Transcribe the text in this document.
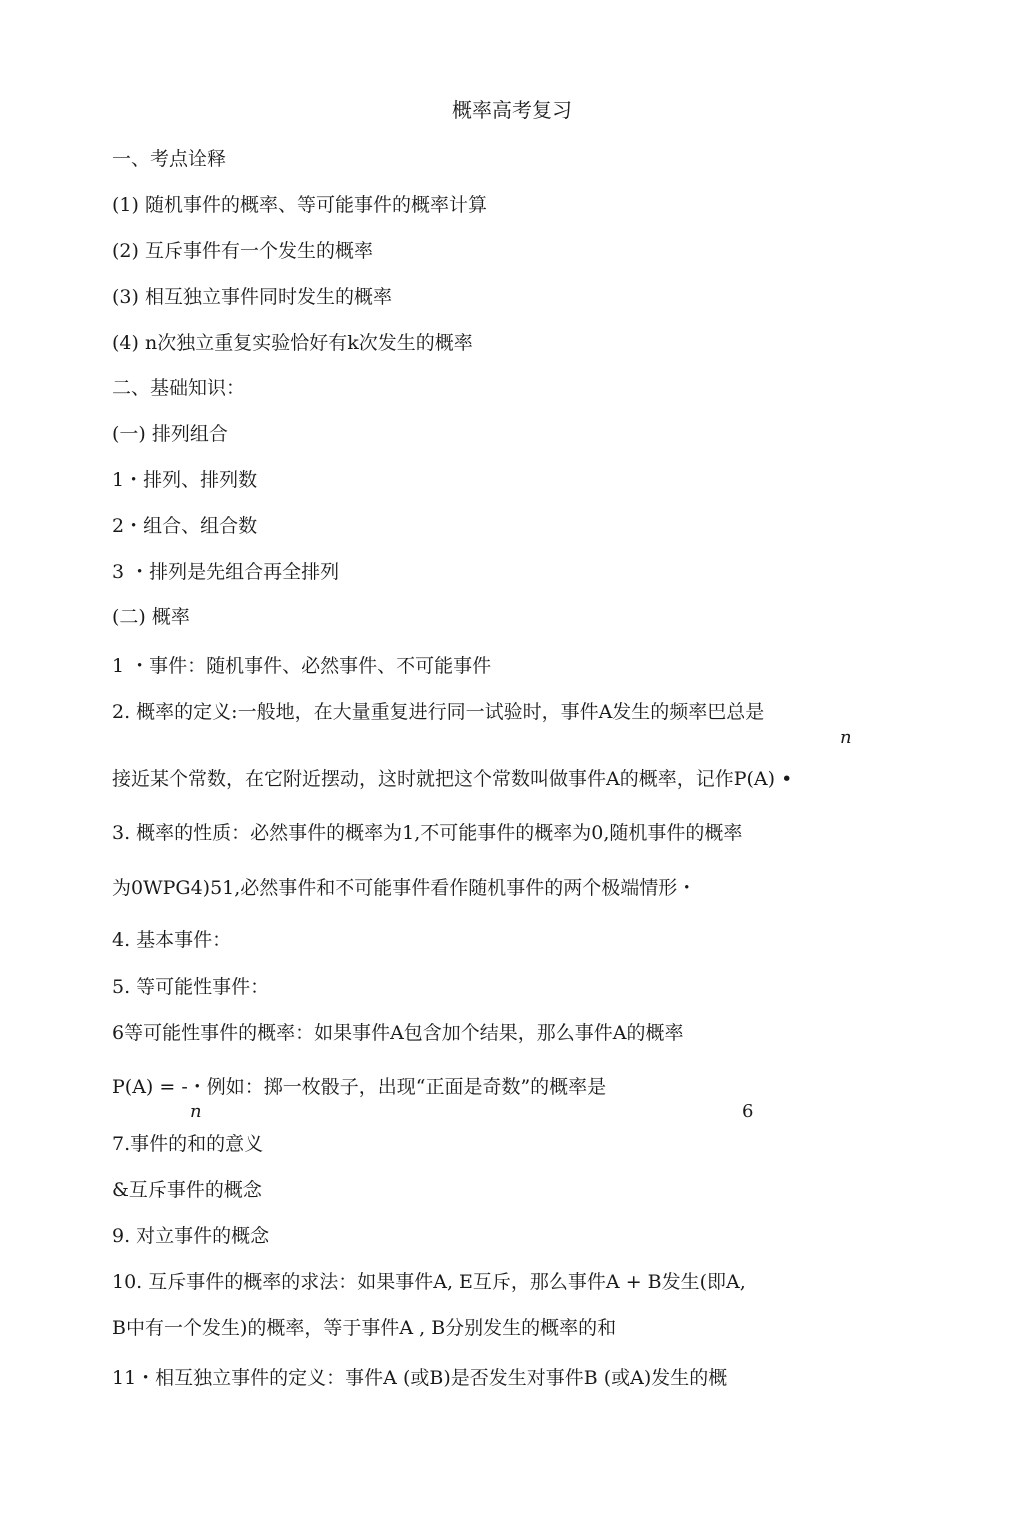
概率高考复习
一、考点诠释
(1) 随机事件的概率、等可能事件的概率计算
(2) 互斥事件有一个发生的概率
(3) 相互独立事件同时发生的概率
(4) n次独立重复实验恰好有k次发生的概率
二、基础知识：
(一) 排列组合
1・排列、排列数
2・组合、组合数
3 ・排列是先组合再全排列
(二) 概率
1 ・事件：随机事件、必然事件、不可能事件
2. 概率的定义:一般地，在大量重复进行同一试验时，事件A发生的频率巴总是
n
接近某个常数，在它附近摆动，这时就把这个常数叫做事件A的概率，记作P(A) •
3. 概率的性质：必然事件的概率为1,不可能事件的概率为0,随机事件的概率
为0WPG4)51,必然事件和不可能事件看作随机事件的两个极端情形・
4. 基本事件：
5. 等可能性事件：
6等可能性事件的概率：如果事件A包含加个结果，那么事件A的概率
P(A) = -・例如：掷一枚骰子，出现“正面是奇数”的概率是
n	6
7.事件的和的意义
&互斥事件的概念
9. 对立事件的概念
10. 互斥事件的概率的求法：如果事件A, E互斥，那么事件A + B发生(即A,
B中有一个发生)的概率，等于事件A , B分别发生的概率的和
11・相互独立事件的定义：事件A (或B)是否发生对事件B (或A)发生的概
